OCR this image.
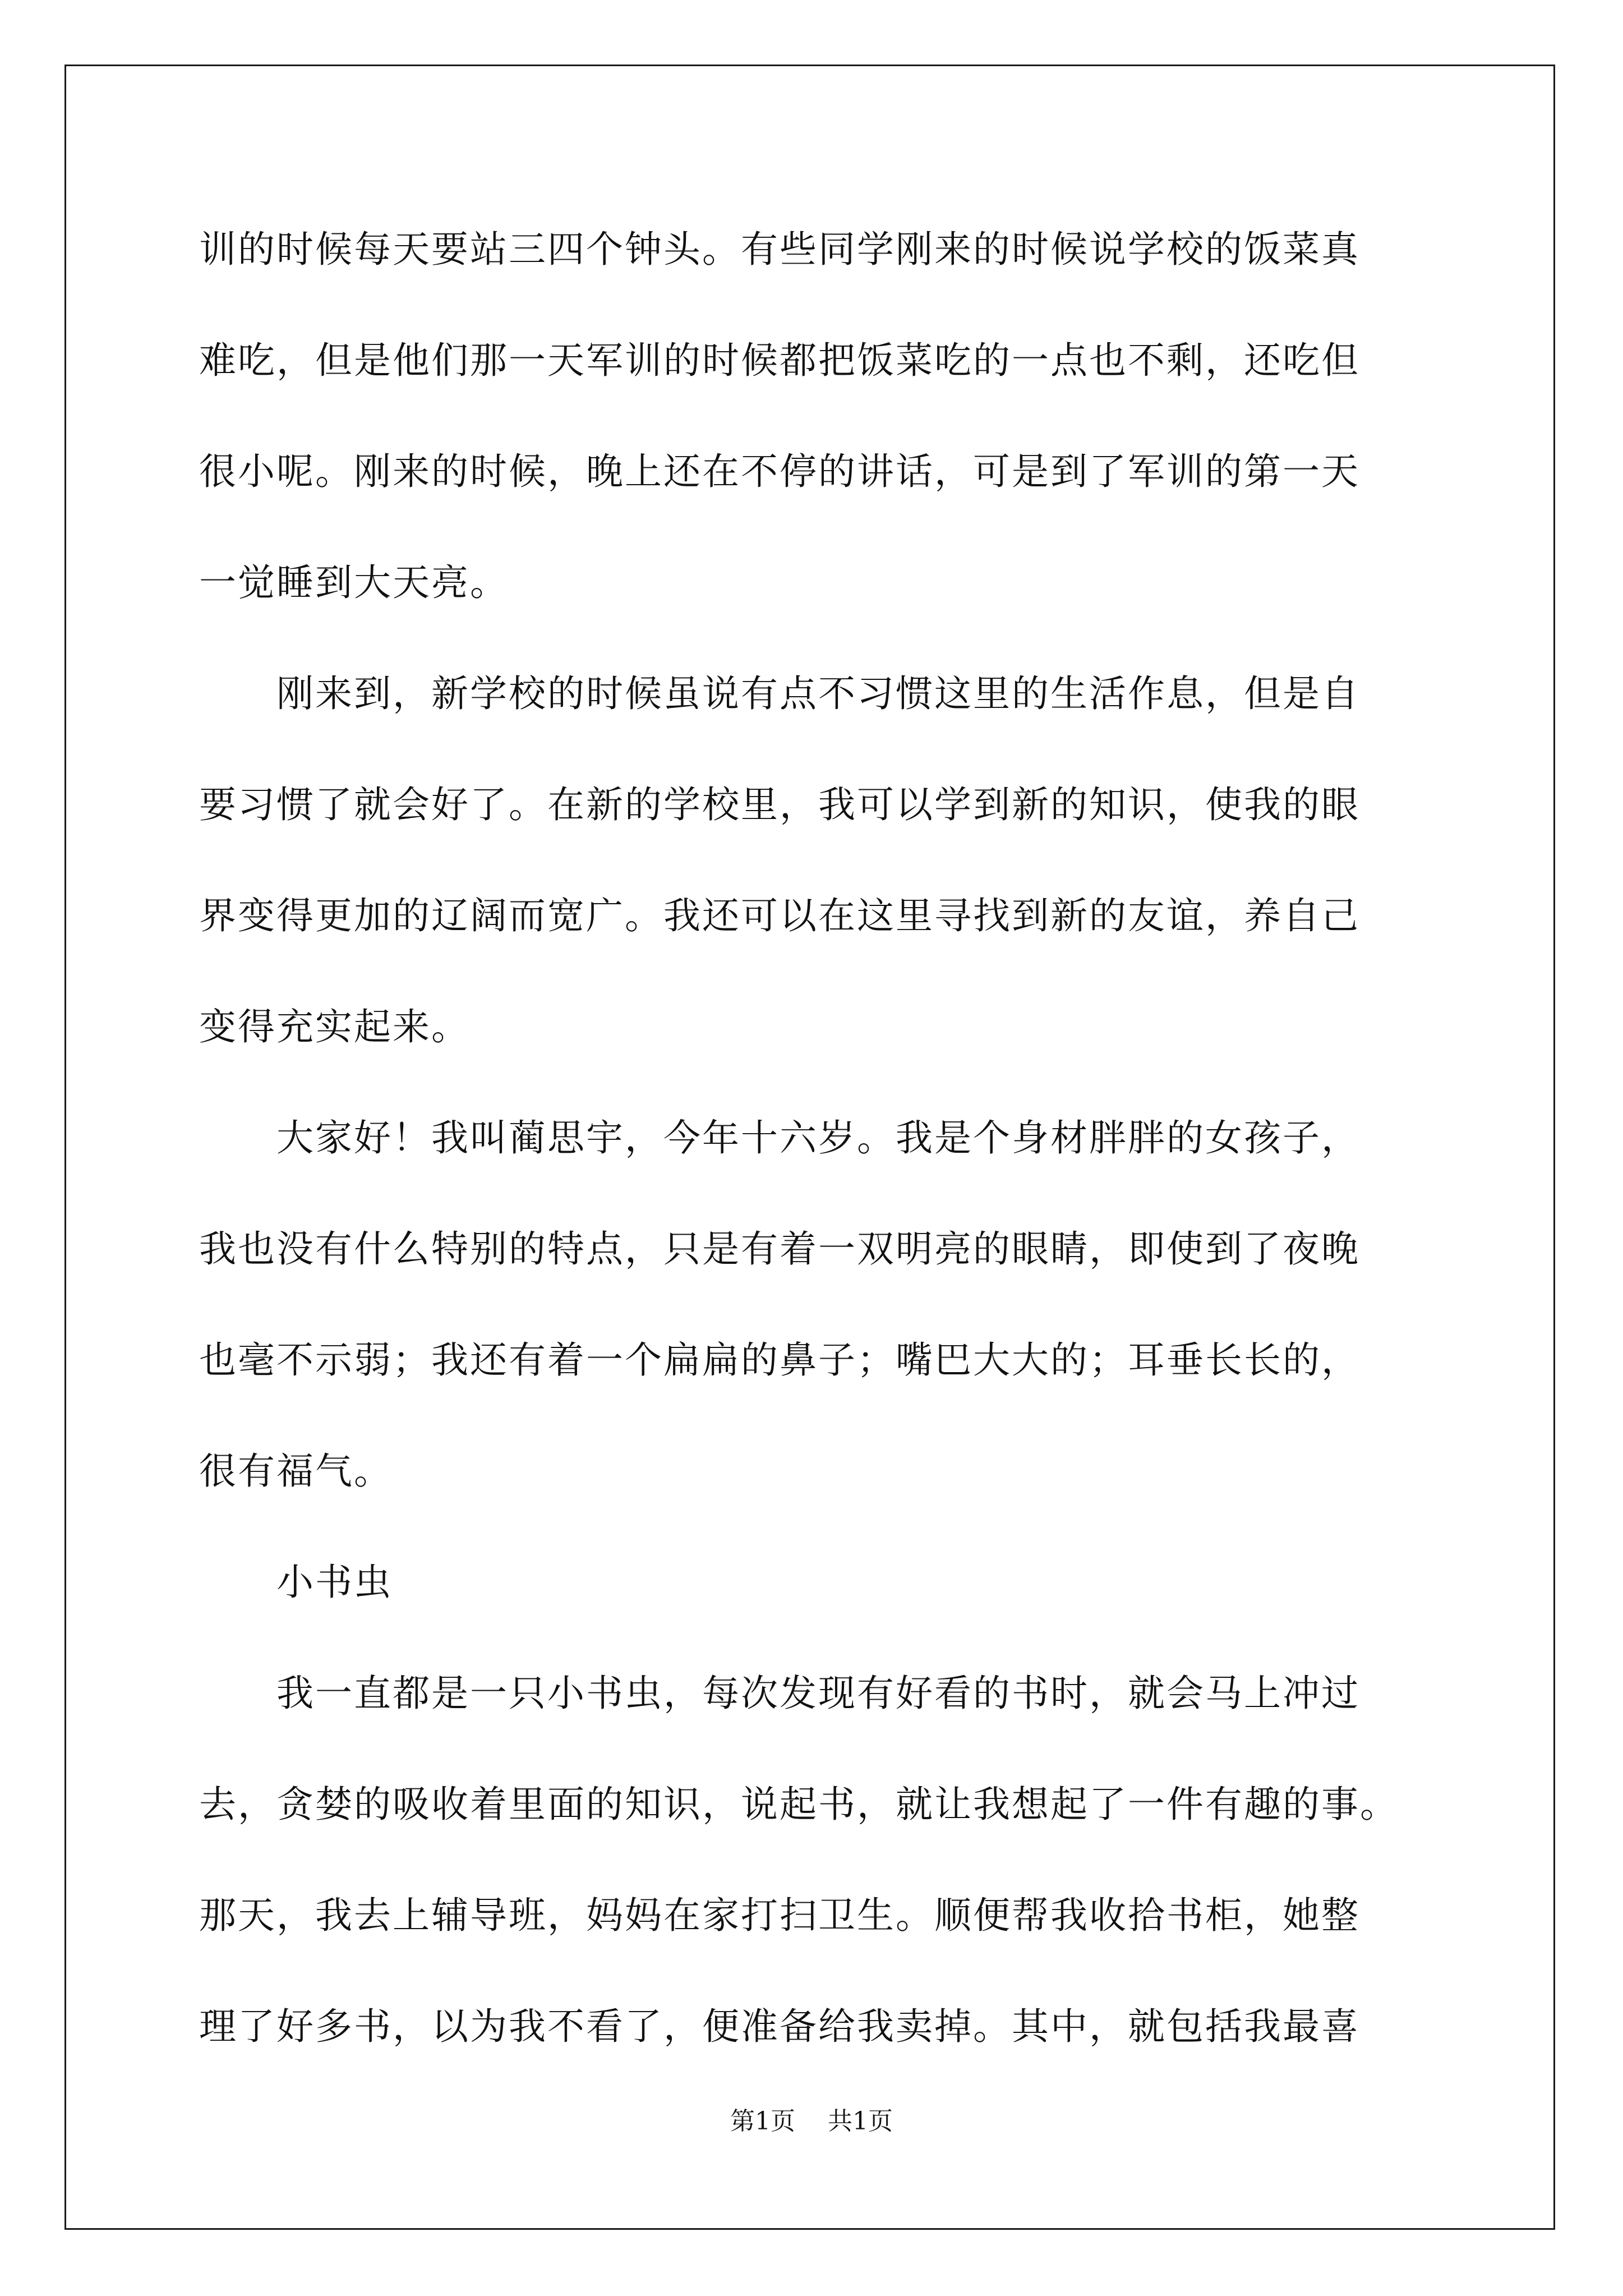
训的时候每天要站三四个钟头。有些同学刚来的时候说学校的饭菜真
难吃，但是他们那一天军训的时候都把饭菜吃的一点也不剩，还吃但
很小呢。刚来的时候，晚上还在不停的讲话，可是到了军训的第一天
一觉睡到大天亮。
　　刚来到，新学校的时候虽说有点不习惯这里的生活作息，但是自
要习惯了就会好了。在新的学校里，我可以学到新的知识，使我的眼
界变得更加的辽阔而宽广。我还可以在这里寻找到新的友谊，养自己
变得充实起来。
　　大家好！我叫蔺思宇，今年十六岁。我是个身材胖胖的女孩子，
我也没有什么特别的特点，只是有着一双明亮的眼睛，即使到了夜晚
也毫不示弱；我还有着一个扁扁的鼻子；嘴巴大大的；耳垂长长的，
很有福气。
　　小书虫
　　我一直都是一只小书虫，每次发现有好看的书时，就会马上冲过
去，贪婪的吸收着里面的知识，说起书，就让我想起了一件有趣的事。
那天，我去上辅导班，妈妈在家打扫卫生。顺便帮我收拾书柜，她整
理了好多书，以为我不看了，便准备给我卖掉。其中，就包括我最喜
第1页 共1页
